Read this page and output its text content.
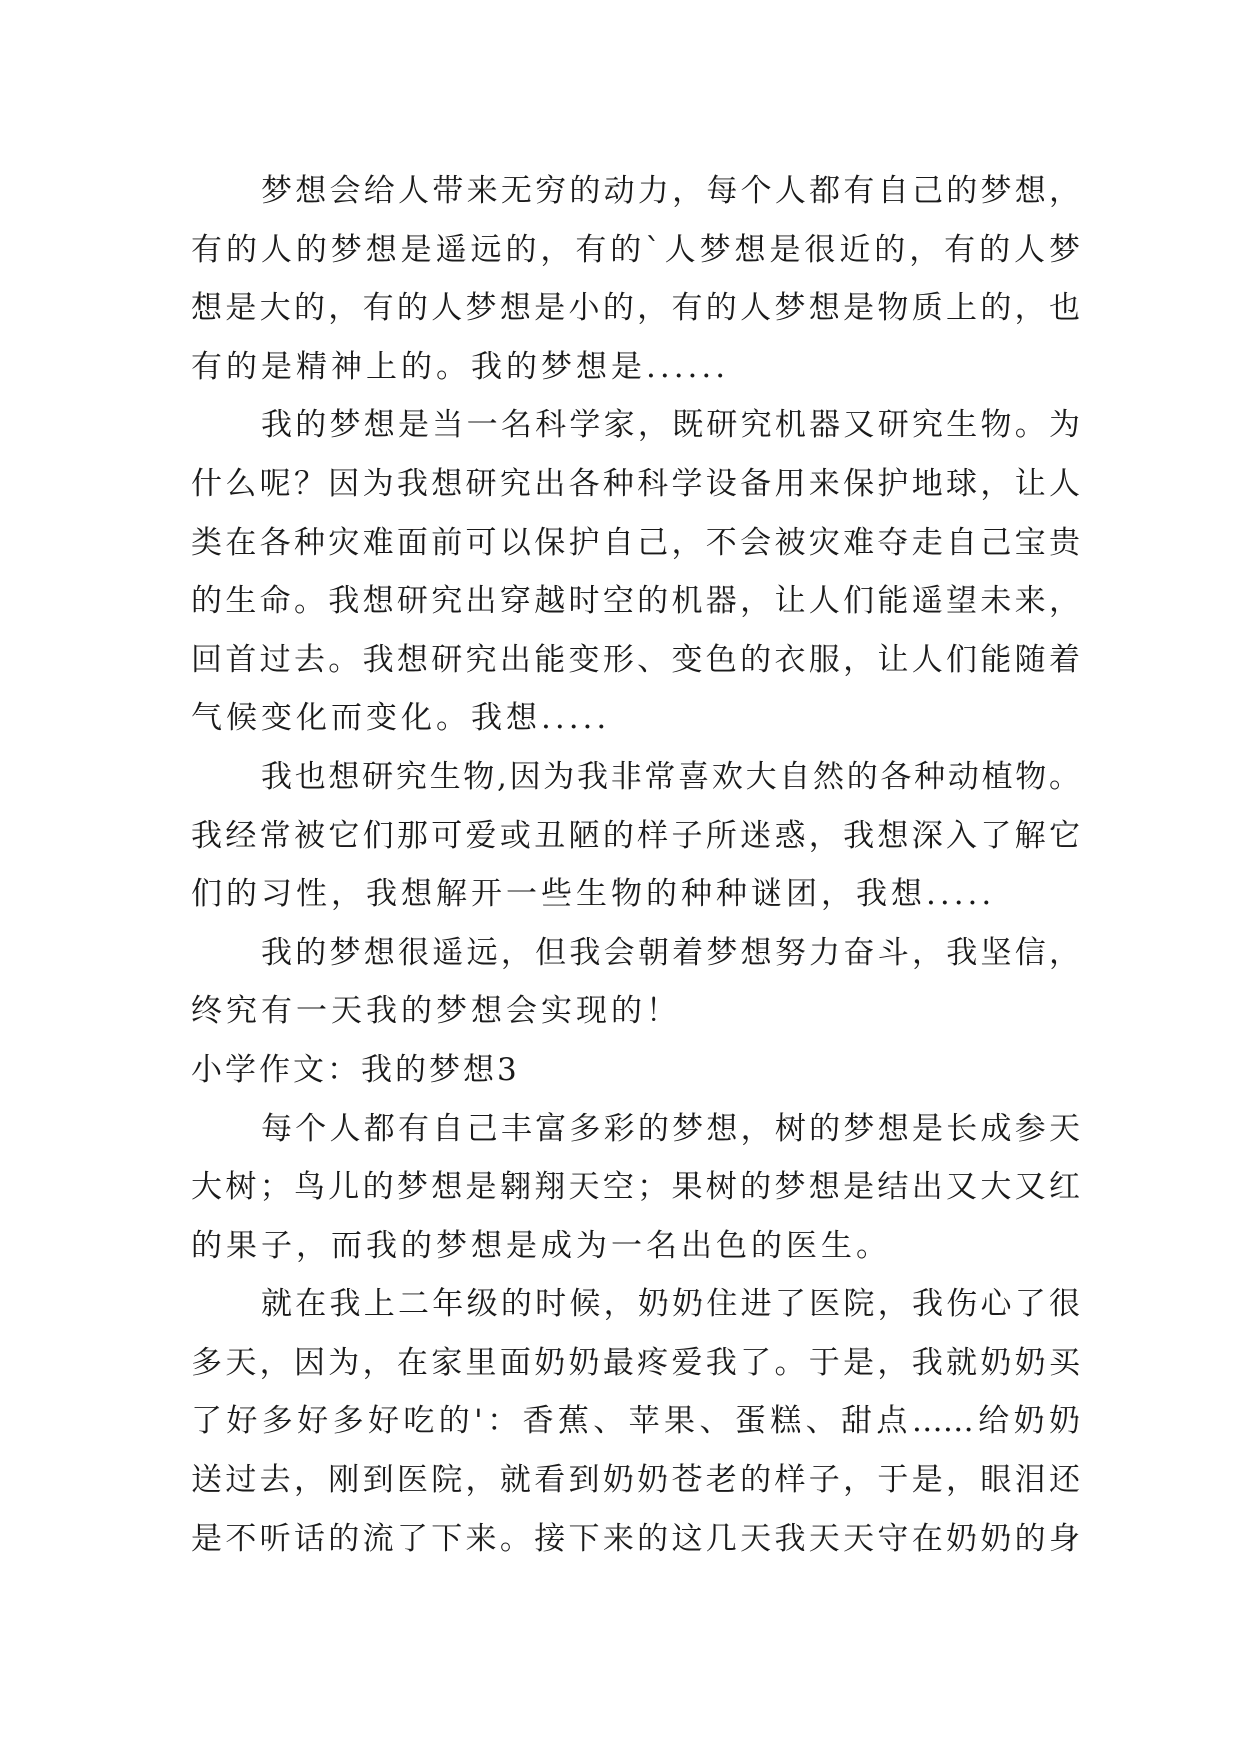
梦想会给人带来无穷的动力，每个人都有自己的梦想，
有的人的梦想是遥远的，有的`人梦想是很近的，有的人梦
想是大的，有的人梦想是小的，有的人梦想是物质上的，也
有的是精神上的。我的梦想是......
我的梦想是当一名科学家，既研究机器又研究生物。为
什么呢？因为我想研究出各种科学设备用来保护地球，让人
类在各种灾难面前可以保护自己，不会被灾难夺走自己宝贵
的生命。我想研究出穿越时空的机器，让人们能遥望未来，
回首过去。我想研究出能变形、变色的衣服，让人们能随着
气候变化而变化。我想.....
我也想研究生物,因为我非常喜欢大自然的各种动植物。
我经常被它们那可爱或丑陋的样子所迷惑，我想深入了解它
们的习性，我想解开一些生物的种种谜团，我想.....
我的梦想很遥远，但我会朝着梦想努力奋斗，我坚信，
终究有一天我的梦想会实现的！
小学作文：我的梦想3
每个人都有自己丰富多彩的梦想，树的梦想是长成参天
大树；鸟儿的梦想是翱翔天空；果树的梦想是结出又大又红
的果子，而我的梦想是成为一名出色的医生。
就在我上二年级的时候，奶奶住进了医院，我伤心了很
多天，因为，在家里面奶奶最疼爱我了。于是，我就奶奶买
了好多好多好吃的'：香蕉、苹果、蛋糕、甜点……给奶奶
送过去，刚到医院，就看到奶奶苍老的样子，于是，眼泪还
是不听话的流了下来。接下来的这几天我天天守在奶奶的身
